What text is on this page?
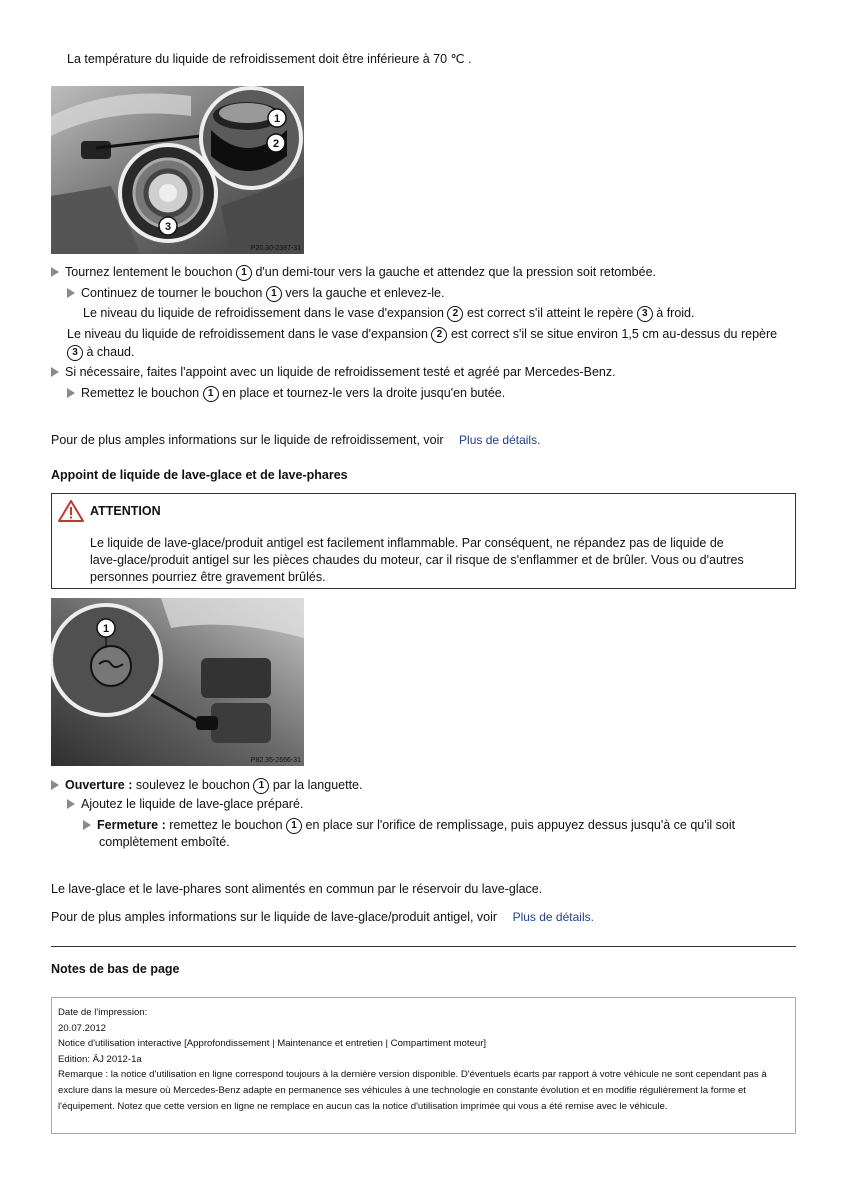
La température du liquide de refroidissement doit être inférieure à 70 ℃ .
1
2
3
P20.30-2387-31
Tournez lentement le bouchon 1 d'un demi-tour vers la gauche et attendez que la pression soit retombée.
Continuez de tourner le bouchon 1 vers la gauche et enlevez-le.
Le niveau du liquide de refroidissement dans le vase d'expansion 2 est correct s'il atteint le repère 3 à froid.
Le niveau du liquide de refroidissement dans le vase d'expansion 2 est correct s'il se situe environ 1,5 cm au-dessus du repère
3 à chaud.
Si nécessaire, faites l'appoint avec un liquide de refroidissement testé et agréé par Mercedes-Benz.
Remettez le bouchon 1 en place et tournez-le vers la droite jusqu'en butée.
Pour de plus amples informations sur le liquide de refroidissement, voir Plus de détails.
Appoint de liquide de lave-glace et de lave-phares
ATTENTION
Le liquide de lave-glace/produit antigel est facilement inflammable. Par conséquent, ne répandez pas de liquide de
lave-glace/produit antigel sur les pièces chaudes du moteur, car il risque de s'enflammer et de brûler. Vous ou d'autres
personnes pourriez être gravement brûlés.
1
P82.35-2666-31
Ouverture : soulevez le bouchon 1 par la languette.
Ajoutez le liquide de lave-glace préparé.
Fermeture : remettez le bouchon 1 en place sur l'orifice de remplissage, puis appuyez dessus jusqu'à ce qu'il soit
complètement emboîté.
Le lave-glace et le lave-phares sont alimentés en commun par le réservoir du lave-glace.
Pour de plus amples informations sur le liquide de lave-glace/produit antigel, voir Plus de détails.
Notes de bas de page

Date de l'impression:

20.07.2012

Notice d'utilisation interactive [Approfondissement | Maintenance et entretien | Compartiment moteur]

Edition: ÄJ 2012-1a

Remarque : la notice d'utilisation en ligne correspond toujours à la dernière version disponible. D'éventuels écarts par rapport à votre véhicule ne sont cependant pas à exclure dans la mesure où Mercedes-Benz adapte en permanence ses véhicules à une technologie en constante évolution et en modifie régulièrement la forme et l'équipement. Notez que cette version en ligne ne remplace en aucun cas la notice d'utilisation imprimée qui vous a été remise avec le véhicule.
